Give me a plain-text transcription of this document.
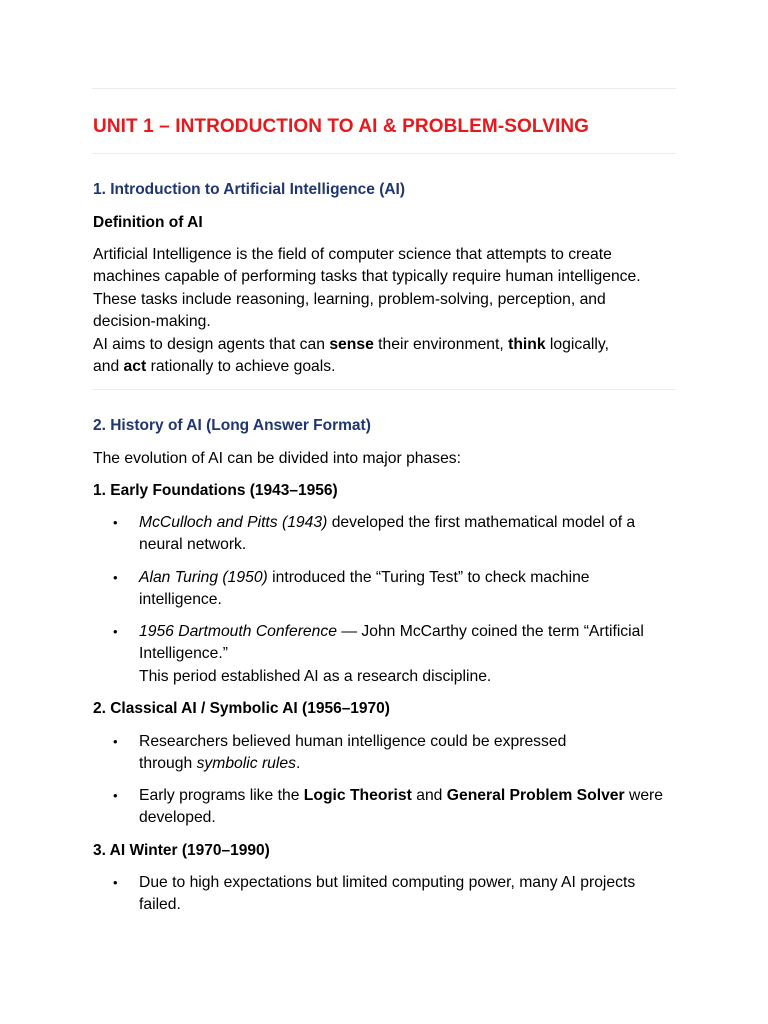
UNIT 1 – INTRODUCTION TO AI & PROBLEM-SOLVING
1. Introduction to Artificial Intelligence (AI)
Definition of AI

Artificial Intelligence is the field of computer science that attempts to create
machines capable of performing tasks that typically require human intelligence.
These tasks include reasoning, learning, problem-solving, perception, and
decision-making.
AI aims to design agents that can sense their environment, think logically,
and act rationally to achieve goals.

2. History of AI (Long Answer Format)

The evolution of AI can be divided into major phases:

1. Early Foundations (1943–1956)
• McCulloch and Pitts (1943) developed the first mathematical model of a
neural network.

• Alan Turing (1950) introduced the “Turing Test” to check machine
intelligence.

• 1956 Dartmouth Conference — John McCarthy coined the term “Artificial
Intelligence.”
This period established AI as a research discipline.

2. Classical AI / Symbolic AI (1956–1970)
• Researchers believed human intelligence could be expressed
through symbolic rules.

• Early programs like the Logic Theorist and General Problem Solver were
developed.

3. AI Winter (1970–1990)
• Due to high expectations but limited computing power, many AI projects
failed.
